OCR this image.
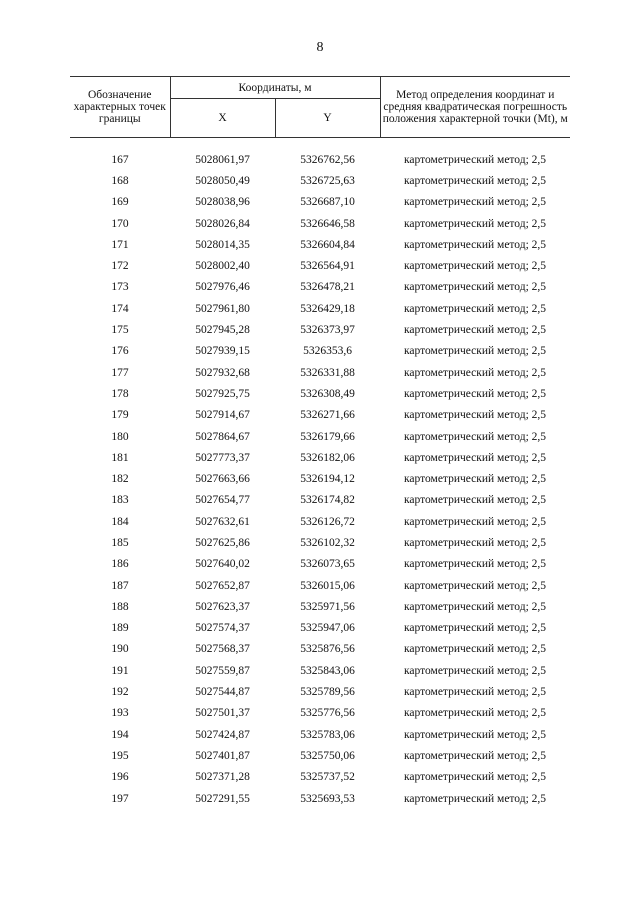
8
Обозначение характерных точек границы	Координаты, м		Метод определения координат и средняя квадратическая погрешность положения характерной точки (Mt), м
	X	Y	

167	5028061,97	5326762,56	картометрический метод; 2,5
168	5028050,49	5326725,63	картометрический метод; 2,5
169	5028038,96	5326687,10	картометрический метод; 2,5
170	5028026,84	5326646,58	картометрический метод; 2,5
171	5028014,35	5326604,84	картометрический метод; 2,5
172	5028002,40	5326564,91	картометрический метод; 2,5
173	5027976,46	5326478,21	картометрический метод; 2,5
174	5027961,80	5326429,18	картометрический метод; 2,5
175	5027945,28	5326373,97	картометрический метод; 2,5
176	5027939,15	5326353,6	картометрический метод; 2,5
177	5027932,68	5326331,88	картометрический метод; 2,5
178	5027925,75	5326308,49	картометрический метод; 2,5
179	5027914,67	5326271,66	картометрический метод; 2,5
180	5027864,67	5326179,66	картометрический метод; 2,5
181	5027773,37	5326182,06	картометрический метод; 2,5
182	5027663,66	5326194,12	картометрический метод; 2,5
183	5027654,77	5326174,82	картометрический метод; 2,5
184	5027632,61	5326126,72	картометрический метод; 2,5
185	5027625,86	5326102,32	картометрический метод; 2,5
186	5027640,02	5326073,65	картометрический метод; 2,5
187	5027652,87	5326015,06	картометрический метод; 2,5
188	5027623,37	5325971,56	картометрический метод; 2,5
189	5027574,37	5325947,06	картометрический метод; 2,5
190	5027568,37	5325876,56	картометрический метод; 2,5
191	5027559,87	5325843,06	картометрический метод; 2,5
192	5027544,87	5325789,56	картометрический метод; 2,5
193	5027501,37	5325776,56	картометрический метод; 2,5
194	5027424,87	5325783,06	картометрический метод; 2,5
195	5027401,87	5325750,06	картометрический метод; 2,5
196	5027371,28	5325737,52	картометрический метод; 2,5
197	5027291,55	5325693,53	картометрический метод; 2,5
